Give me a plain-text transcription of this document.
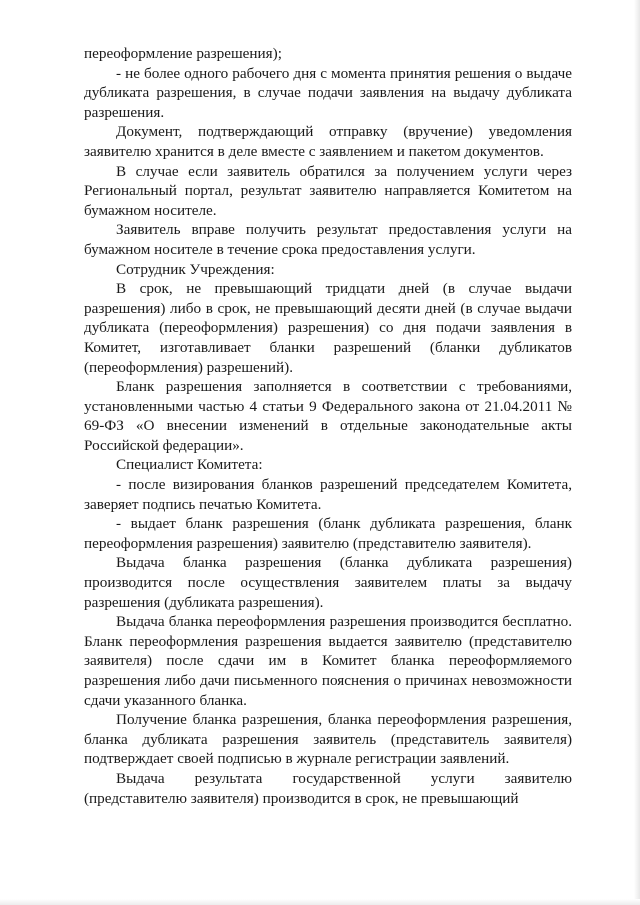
переоформление разрешения);

- не более одного рабочего дня с момента принятия решения о выдаче дубликата разрешения, в случае подачи заявления на выдачу дубликата разрешения.

Документ, подтверждающий отправку (вручение) уведомления заявителю хранится в деле вместе с заявлением и пакетом документов.

В случае если заявитель обратился за получением услуги через Региональный портал, результат заявителю направляется Комитетом на бумажном носителе.

Заявитель вправе получить результат предоставления услуги на бумажном носителе в течение срока предоставления услуги.

Сотрудник Учреждения:

В срок, не превышающий тридцати дней (в случае выдачи разрешения) либо в срок, не превышающий десяти дней (в случае выдачи дубликата (переоформления) разрешения) со дня подачи заявления в Комитет, изготавливает бланки разрешений (бланки дубликатов (переоформления) разрешений).

Бланк разрешения заполняется в соответствии с требованиями, установленными частью 4 статьи 9 Федерального закона от 21.04.2011 № 69-ФЗ «О внесении изменений в отдельные законодательные акты Российской федерации».

Специалист Комитета:

- после визирования бланков разрешений председателем Комитета, заверяет подпись печатью Комитета.

- выдает бланк разрешения (бланк дубликата разрешения, бланк переоформления разрешения) заявителю (представителю заявителя).

Выдача бланка разрешения (бланка дубликата разрешения) производится после осуществления заявителем платы за выдачу разрешения (дубликата разрешения).

Выдача бланка переоформления разрешения производится бесплатно. Бланк переоформления разрешения выдается заявителю (представителю заявителя) после сдачи им в Комитет бланка переоформляемого разрешения либо дачи письменного пояснения о причинах невозможности сдачи указанного бланка.

Получение бланка разрешения, бланка переоформления разрешения, бланка дубликата разрешения заявитель (представитель заявителя) подтверждает своей подписью в журнале регистрации заявлений.

Выдача результата государственной услуги заявителю (представителю заявителя) производится в срок, не превышающий
